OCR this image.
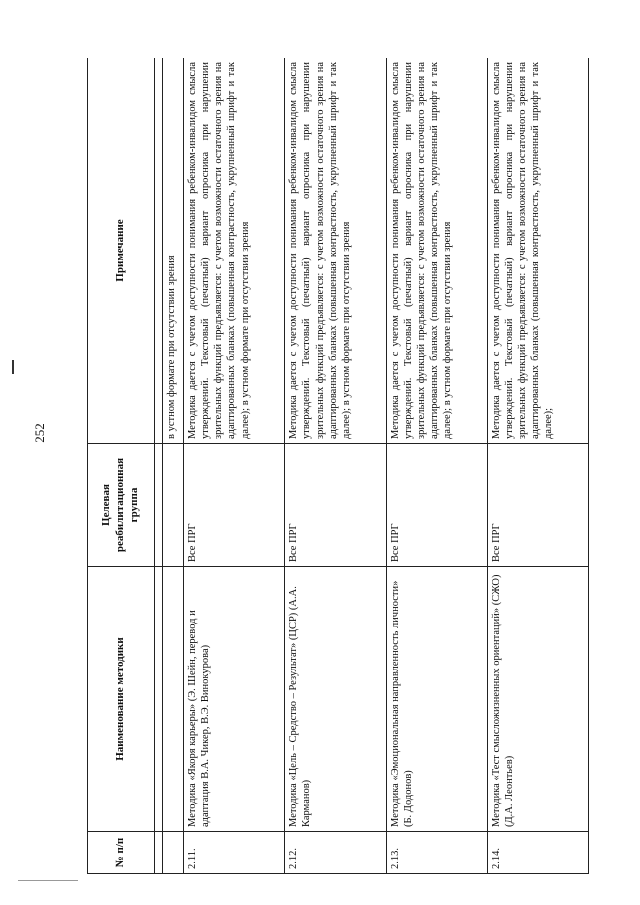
252
№ п/п	Наименование методики	Целевая реабилитационная группа	Примечание

			в устном формате при отсутствии зрения
2.11.	Методика «Якоря карьеры» (Э. Шейн, перевод и адаптация В.А. Чикер, В.Э. Винокурова)	Все ПРГ	Методика дается с учетом доступности понимания ребенком-инвалидом смысла утверждений. Текстовый (печатный) вариант опросника при нарушении зрительных функций предъявляется: с учетом возможности остаточного зрения на адаптированных бланках (повышенная контрастность, укрупненный шрифт и так далее); в устном формате при отсутствии зрения
2.12.	Методика «Цель – Средство – Результат» (ЦСР) (А.А. Карманов)	Все ПРГ	Методика дается с учетом доступности понимания ребенком-инвалидом смысла утверждений. Текстовый (печатный) вариант опросника при нарушении зрительных функций предъявляется: с учетом возможности остаточного зрения на адаптированных бланках (повышенная контрастность, укрупненный шрифт и так далее); в устном формате при отсутствии зрения
2.13.	Методика «Эмоциональная направленность личности» (Б. Додонов)	Все ПРГ	Методика дается с учетом доступности понимания ребенком-инвалидом смысла утверждений. Текстовый (печатный) вариант опросника при нарушении зрительных функций предъявляется: с учетом возможности остаточного зрения на адаптированных бланках (повышенная контрастность, укрупненный шрифт и так далее); в устном формате при отсутствии зрения
2.14.	Методика «Тест смысложизненных ориентаций» (СЖО) (Д.А. Леонтьев)	Все ПРГ	Методика дается с учетом доступности понимания ребенком-инвалидом смысла утверждений. Текстовый (печатный) вариант опросника при нарушении зрительных функций предъявляется: с учетом возможности остаточного зрения на адаптированных бланках (повышенная контрастность, укрупненный шрифт и так далее);
